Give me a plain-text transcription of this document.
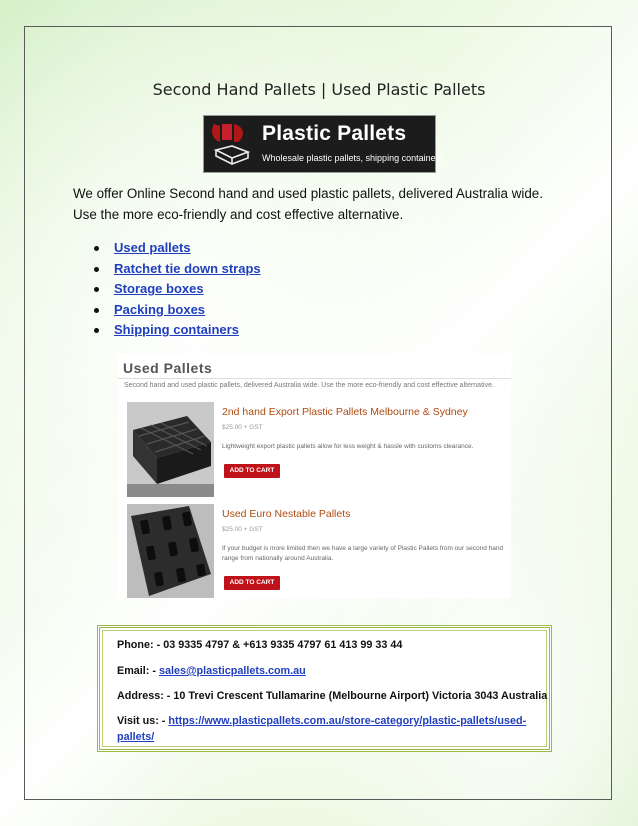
Second Hand Pallets | Used Plastic Pallets
Plastic Pallets
Wholesale plastic pallets, shipping containers,

We offer Online Second hand and used plastic pallets, delivered Australia wide.

Use the more eco-friendly and cost effective alternative.

Used pallets
Ratchet tie down straps
Storage boxes
Packing boxes
Shipping containers
Used Pallets
Second hand and used plastic pallets, delivered Australia wide. Use the more eco-friendly and cost effective alternative.
2nd hand Export Plastic Pallets Melbourne & Sydney
$25.00 + GST
Lightweight export plastic pallets allow for less weight & hassle with customs clearance.
ADD TO CART
Used Euro Nestable Pallets
$25.00 + GST
If your budget is more limited then we have a large variety of Plastic Pallets from our second hand range from nationally around Australia.
ADD TO CART
Phone: - 03 9335 4797 & +613 9335 4797 61 413 99 33 44
Email: - sales@plasticpallets.com.au
Address: - 10 Trevi Crescent Tullamarine (Melbourne Airport) Victoria 3043 Australia
Visit us: - https://www.plasticpallets.com.au/store-category/plastic-pallets/used-pallets/
